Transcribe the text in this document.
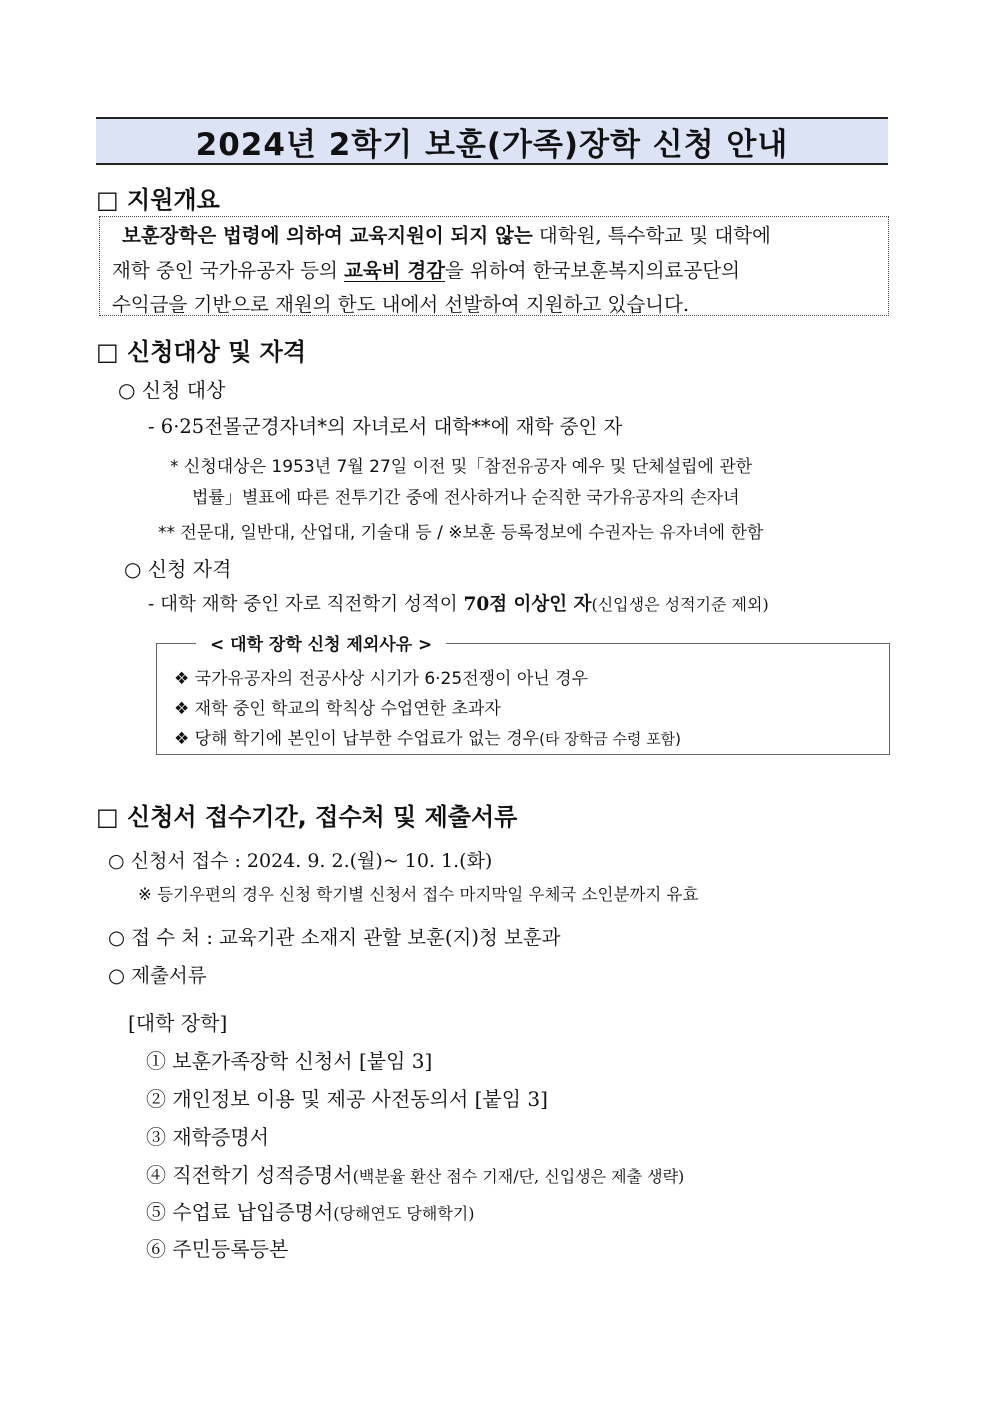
2024년 2학기 보훈(가족)장학 신청 안내
□ 지원개요
보훈장학은 법령에 의하여 교육지원이 되지 않는 대학원, 특수학교 및 대학에
재학 중인 국가유공자 등의 교육비 경감을 위하여 한국보훈복지의료공단의
수익금을 기반으로 재원의 한도 내에서 선발하여 지원하고 있습니다.
□ 신청대상 및 자격
○ 신청 대상
- 6·25전몰군경자녀*의 자녀로서 대학**에 재학 중인 자
* 신청대상은 1953년 7월 27일 이전 및「참전유공자 예우 및 단체설립에 관한
법률」별표에 따른 전투기간 중에 전사하거나 순직한 국가유공자의 손자녀
** 전문대, 일반대, 산업대, 기술대 등 / ※보훈 등록정보에 수권자는 유자녀에 한함
○ 신청 자격
- 대학 재학 중인 자로 직전학기 성적이 70점 이상인 자(신입생은 성적기준 제외)
< 대학 장학 신청 제외사유 >
❖ 국가유공자의 전공사상 시기가 6·25전쟁이 아닌 경우
❖ 재학 중인 학교의 학칙상 수업연한 초과자
❖ 당해 학기에 본인이 납부한 수업료가 없는 경우(타 장학금 수령 포함)
□ 신청서 접수기간, 접수처 및 제출서류
○ 신청서 접수 : 2024. 9. 2.(월)~ 10. 1.(화)
※ 등기우편의 경우 신청 학기별 신청서 접수 마지막일 우체국 소인분까지 유효
○ 접 수 처 : 교육기관 소재지 관할 보훈(지)청 보훈과
○ 제출서류
[대학 장학]
① 보훈가족장학 신청서 [붙임 3]
② 개인정보 이용 및 제공 사전동의서 [붙임 3]
③ 재학증명서
④ 직전학기 성적증명서(백분율 환산 점수 기재/단, 신입생은 제출 생략)
⑤ 수업료 납입증명서(당해연도 당해학기)
⑥ 주민등록등본
